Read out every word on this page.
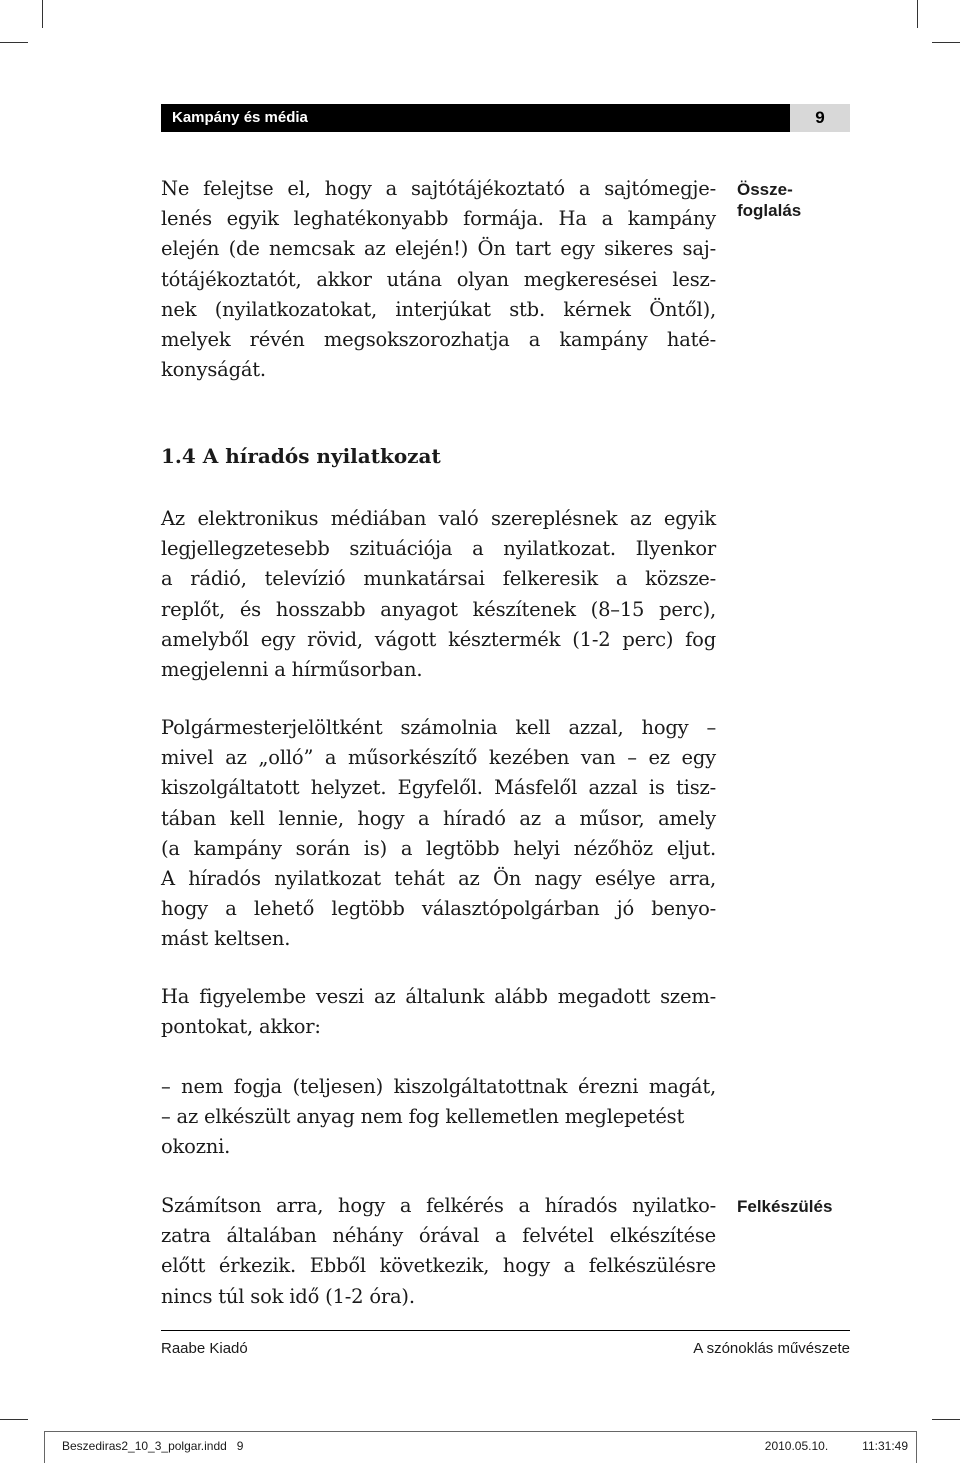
Kampány és média	9
Ne felejtse el, hogy a sajtótájékoztató a sajtómegje-
lenés egyik leghatékonyabb formája. Ha a kampány
elején (de nemcsak az elején!) Ön tart egy sikeres saj-
tótájékoztatót, akkor utána olyan megkeresései lesz-
nek (nyilatkozatokat, interjúkat stb. kérnek Öntől),
melyek révén megsokszorozhatja a kampány haté-
konyságát.
Össze-
foglalás
1.4 A híradós nyilatkozat
Az elektronikus médiában való szereplésnek az egyik
legjellegzetesebb szituációja a nyilatkozat. Ilyenkor
a rádió, televízió munkatársai felkeresik a közsze-
replőt, és hosszabb anyagot készítenek (8–15 perc),
amelyből egy rövid, vágott késztermék (1-2 perc) fog
megjelenni a hírműsorban.
Polgármesterjelöltként számolnia kell azzal, hogy –
mivel az „olló” a műsorkészítő kezében van – ez egy
kiszolgáltatott helyzet. Egyfelől. Másfelől azzal is tisz-
tában kell lennie, hogy a híradó az a műsor, amely
(a kampány során is) a legtöbb helyi nézőhöz eljut.
A híradós nyilatkozat tehát az Ön nagy esélye arra,
hogy a lehető legtöbb választópolgárban jó benyo-
mást keltsen.
Ha figyelembe veszi az általunk alább megadott szem-
pontokat, akkor:
– nem fogja (teljesen) kiszolgáltatottnak érezni magát,
– az elkészült anyag nem fog kellemetlen meglepetést
okozni.
Számítson arra, hogy a felkérés a híradós nyilatko-
zatra általában néhány órával a felvétel elkészítése
előtt érkezik. Ebből következik, hogy a felkészülésre
nincs túl sok idő (1-2 óra).
Felkészülés
Raabe Kiadó	A szónoklás művészete
Beszediras2_10_3_polgar.indd   9	2010.05.10.   11:31:49
